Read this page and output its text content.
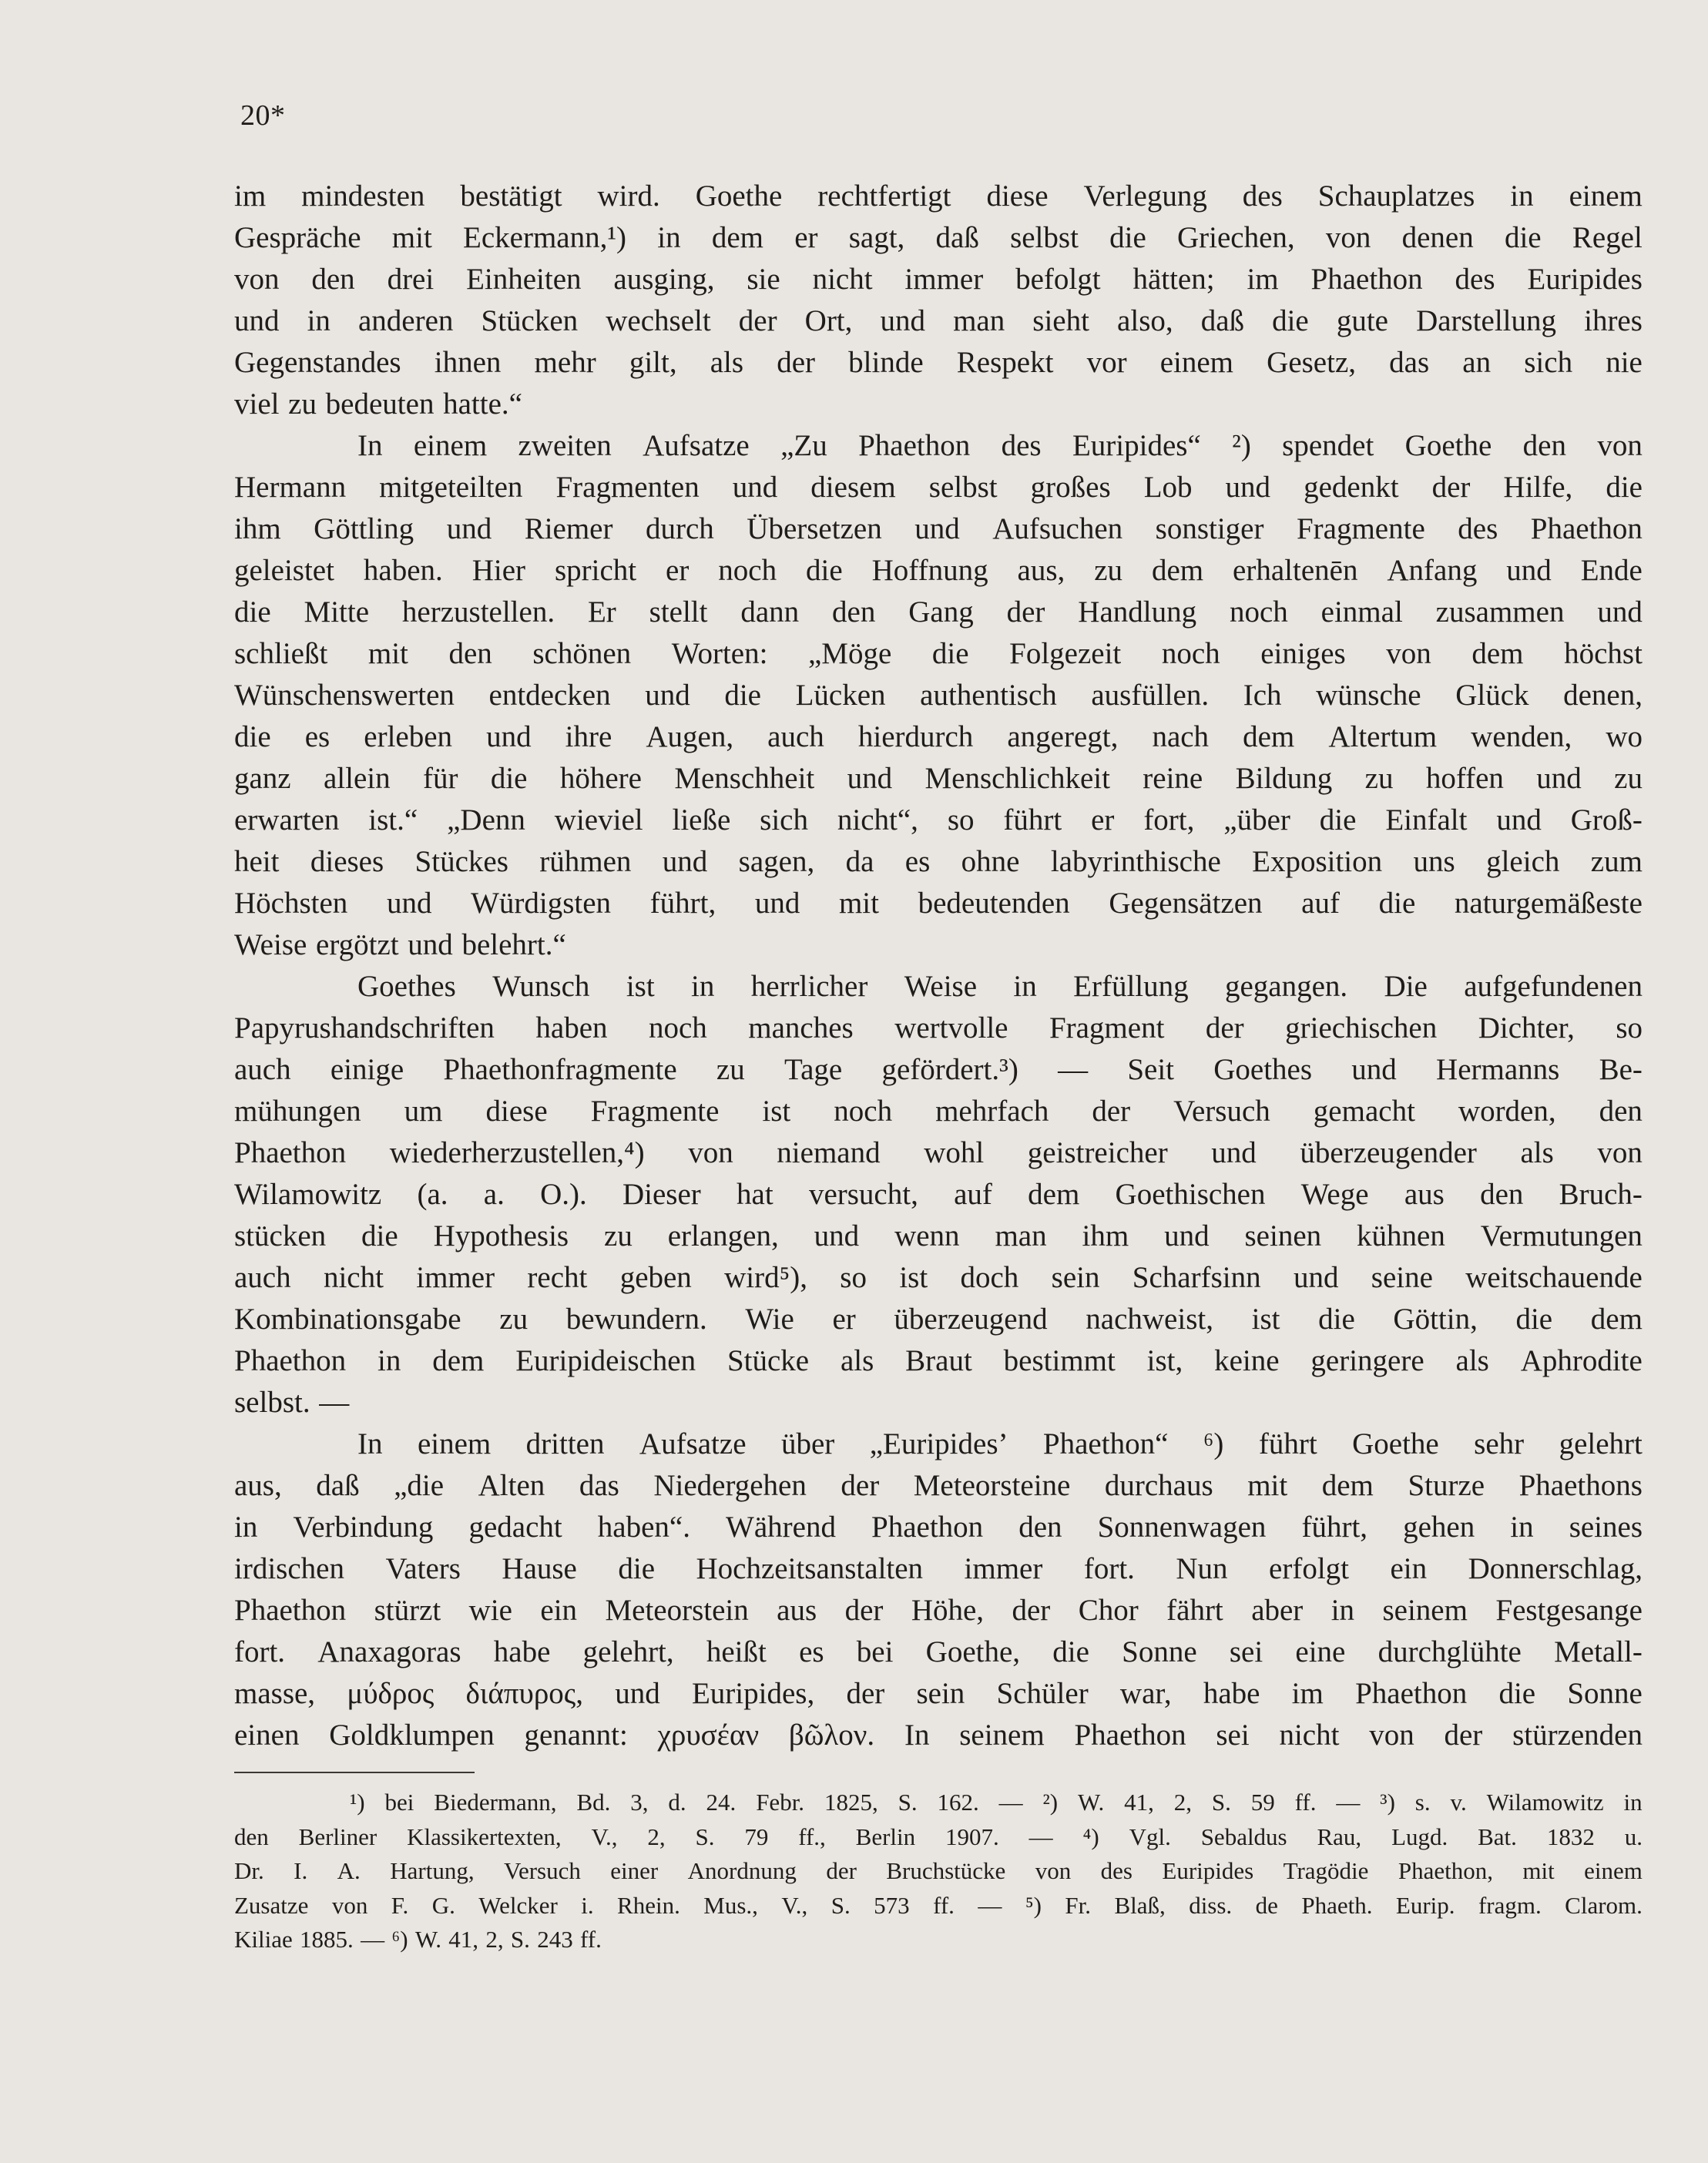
20*
im mindesten bestätigt wird. Goethe rechtfertigt diese Verlegung des Schauplatzes in einem
Gespräche mit Eckermann,¹) in dem er sagt, daß selbst die Griechen, von denen die Regel
von den drei Einheiten ausging, sie nicht immer befolgt hätten; im Phaethon des Euripides
und in anderen Stücken wechselt der Ort, und man sieht also, daß die gute Darstellung ihres
Gegenstandes ihnen mehr gilt, als der blinde Respekt vor einem Gesetz, das an sich nie
viel zu bedeuten hatte.“
In einem zweiten Aufsatze „Zu Phaethon des Euripides“ ²) spendet Goethe den von
Hermann mitgeteilten Fragmenten und diesem selbst großes Lob und gedenkt der Hilfe, die
ihm Göttling und Riemer durch Übersetzen und Aufsuchen sonstiger Fragmente des Phaethon
geleistet haben. Hier spricht er noch die Hoffnung aus, zu dem erhaltenēn Anfang und Ende
die Mitte herzustellen. Er stellt dann den Gang der Handlung noch einmal zusammen und
schließt mit den schönen Worten: „Möge die Folgezeit noch einiges von dem höchst
Wünschenswerten entdecken und die Lücken authentisch ausfüllen. Ich wünsche Glück denen,
die es erleben und ihre Augen, auch hierdurch angeregt, nach dem Altertum wenden, wo
ganz allein für die höhere Menschheit und Menschlichkeit reine Bildung zu hoffen und zu
erwarten ist.“ „Denn wieviel ließe sich nicht“, so führt er fort, „über die Einfalt und Groß-
heit dieses Stückes rühmen und sagen, da es ohne labyrinthische Exposition uns gleich zum
Höchsten und Würdigsten führt, und mit bedeutenden Gegensätzen auf die naturgemäßeste
Weise ergötzt und belehrt.“
Goethes Wunsch ist in herrlicher Weise in Erfüllung gegangen. Die aufgefundenen
Papyrushandschriften haben noch manches wertvolle Fragment der griechischen Dichter, so
auch einige Phaethonfragmente zu Tage gefördert.³) — Seit Goethes und Hermanns Be-
mühungen um diese Fragmente ist noch mehrfach der Versuch gemacht worden, den
Phaethon wiederherzustellen,⁴) von niemand wohl geistreicher und überzeugender als von
Wilamowitz (a. a. O.). Dieser hat versucht, auf dem Goethischen Wege aus den Bruch-
stücken die Hypothesis zu erlangen, und wenn man ihm und seinen kühnen Vermutungen
auch nicht immer recht geben wird⁵), so ist doch sein Scharfsinn und seine weitschauende
Kombinationsgabe zu bewundern. Wie er überzeugend nachweist, ist die Göttin, die dem
Phaethon in dem Euripideischen Stücke als Braut bestimmt ist, keine geringere als Aphrodite
selbst. —
In einem dritten Aufsatze über „Euripides’ Phaethon“ ⁶) führt Goethe sehr gelehrt
aus, daß „die Alten das Niedergehen der Meteorsteine durchaus mit dem Sturze Phaethons
in Verbindung gedacht haben“. Während Phaethon den Sonnenwagen führt, gehen in seines
irdischen Vaters Hause die Hochzeitsanstalten immer fort. Nun erfolgt ein Donnerschlag,
Phaethon stürzt wie ein Meteorstein aus der Höhe, der Chor fährt aber in seinem Festgesange
fort. Anaxagoras habe gelehrt, heißt es bei Goethe, die Sonne sei eine durchglühte Metall-
masse, μύδρος διάπυρος, und Euripides, der sein Schüler war, habe im Phaethon die Sonne
einen Goldklumpen genannt: χρυσέαν βῶλον. In seinem Phaethon sei nicht von der stürzenden
¹) bei Biedermann, Bd. 3, d. 24. Febr. 1825, S. 162. — ²) W. 41, 2, S. 59 ff. — ³) s. v. Wilamowitz in
den Berliner Klassikertexten, V., 2, S. 79 ff., Berlin 1907. — ⁴) Vgl. Sebaldus Rau, Lugd. Bat. 1832 u.
Dr. I. A. Hartung, Versuch einer Anordnung der Bruchstücke von des Euripides Tragödie Phaethon, mit einem
Zusatze von F. G. Welcker i. Rhein. Mus., V., S. 573 ff. — ⁵) Fr. Blaß, diss. de Phaeth. Eurip. fragm. Clarom.
Kiliae 1885. — ⁶) W. 41, 2, S. 243 ff.
